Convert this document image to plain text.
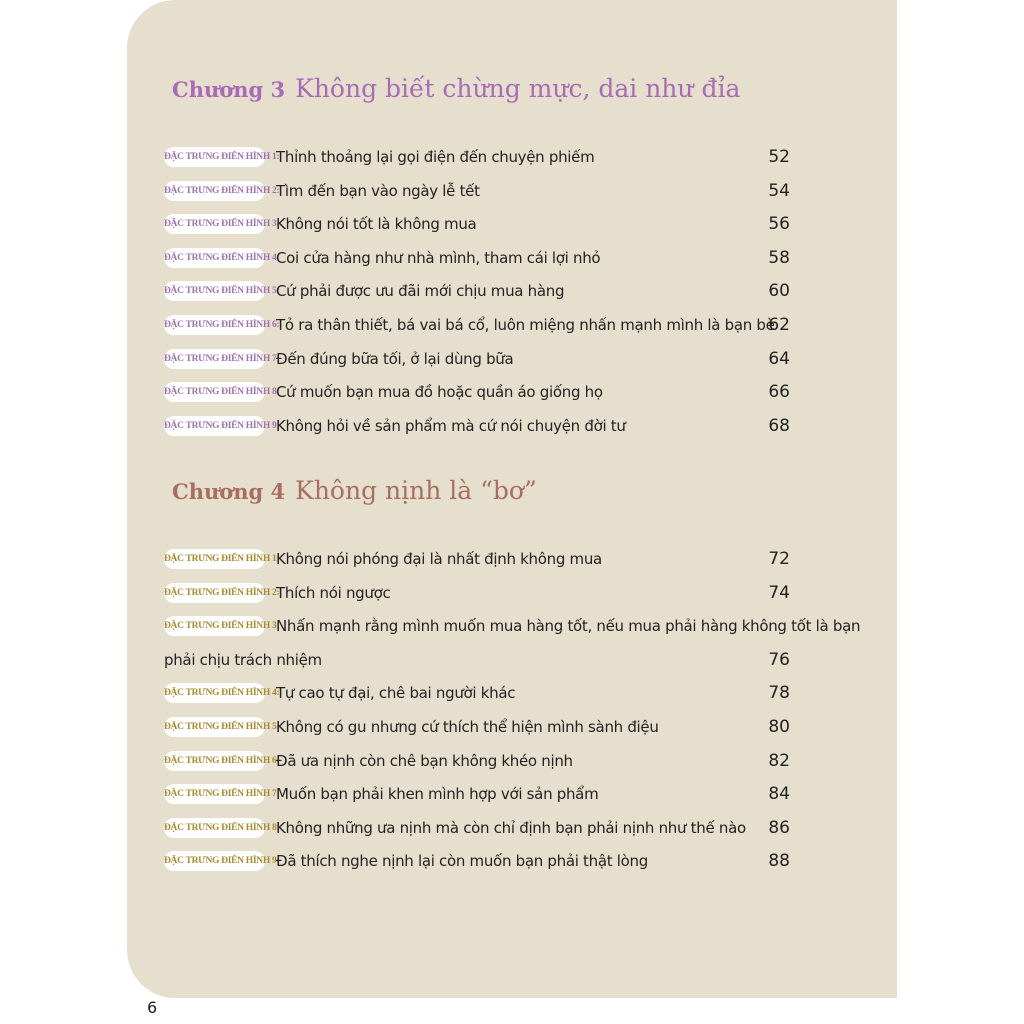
Chương 3 Không biết chừng mực, dai như đỉa
ĐẶC TRƯNG ĐIỂN HÌNH 1:
Thỉnh thoảng lại gọi điện đến chuyện phiếm	52
ĐẶC TRƯNG ĐIỂN HÌNH 2:
Tìm đến bạn vào ngày lễ tết	54
ĐẶC TRƯNG ĐIỂN HÌNH 3:
Không nói tốt là không mua	56
ĐẶC TRƯNG ĐIỂN HÌNH 4:
Coi cửa hàng như nhà mình, tham cái lợi nhỏ	58
ĐẶC TRƯNG ĐIỂN HÌNH 5:
Cứ phải được ưu đãi mới chịu mua hàng	60
ĐẶC TRƯNG ĐIỂN HÌNH 6:
Tỏ ra thân thiết, bá vai bá cổ, luôn miệng nhấn mạnh mình là bạn bè
62
ĐẶC TRƯNG ĐIỂN HÌNH 7:
Đến đúng bữa tối, ở lại dùng bữa	64
ĐẶC TRƯNG ĐIỂN HÌNH 8:
Cứ muốn bạn mua đồ hoặc quần áo giống họ	66
ĐẶC TRƯNG ĐIỂN HÌNH 9:
Không hỏi về sản phẩm mà cứ nói chuyện đời tư	68
Chương 4 Không nịnh là “bơ”
ĐẶC TRƯNG ĐIỂN HÌNH 1:
Không nói phóng đại là nhất định không mua	72
ĐẶC TRƯNG ĐIỂN HÌNH 2:
Thích nói ngược	74
ĐẶC TRƯNG ĐIỂN HÌNH 3:
Nhấn mạnh rằng mình muốn mua hàng tốt, nếu mua phải hàng không tốt là bạn
phải chịu trách nhiệm	76
ĐẶC TRƯNG ĐIỂN HÌNH 4:
Tự cao tự đại, chê bai người khác	78
ĐẶC TRƯNG ĐIỂN HÌNH 5:
Không có gu nhưng cứ thích thể hiện mình sành điệu	80
ĐẶC TRƯNG ĐIỂN HÌNH 6:
Đã ưa nịnh còn chê bạn không khéo nịnh	82
ĐẶC TRƯNG ĐIỂN HÌNH 7:
Muốn bạn phải khen mình hợp với sản phẩm	84
ĐẶC TRƯNG ĐIỂN HÌNH 8:
Không những ưa nịnh mà còn chỉ định bạn phải nịnh như thế nào 86
ĐẶC TRƯNG ĐIỂN HÌNH 9:
Đã thích nghe nịnh lại còn muốn bạn phải thật lòng	88
6
